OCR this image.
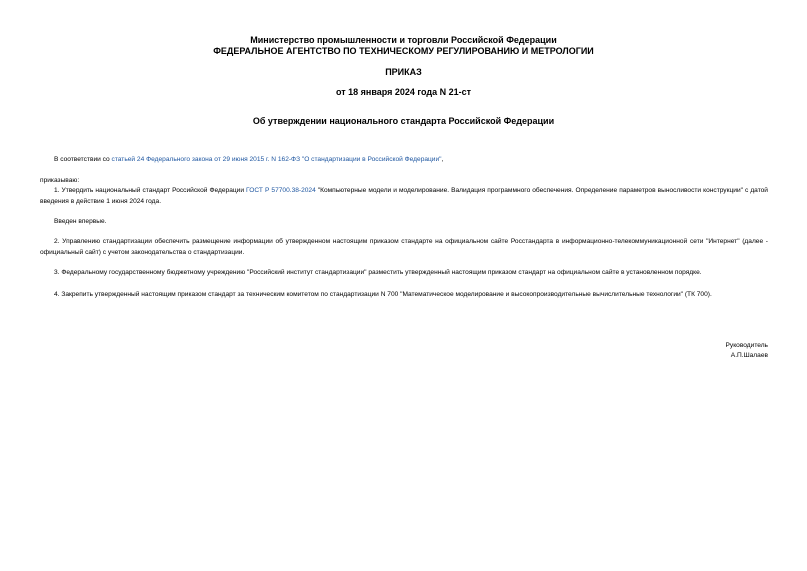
Министерство промышленности и торговли Российской Федерации
ФЕДЕРАЛЬНОЕ АГЕНТСТВО ПО ТЕХНИЧЕСКОМУ РЕГУЛИРОВАНИЮ И МЕТРОЛОГИИ
ПРИКАЗ
от 18 января 2024 года N 21-ст
Об утверждении национального стандарта Российской Федерации
В соответствии со статьей 24 Федерального закона от 29 июня 2015 г. N 162-ФЗ "О стандартизации в Российской Федерации",
приказываю:
1. Утвердить национальный стандарт Российской Федерации ГОСТ Р 57700.38-2024 "Компьютерные модели и моделирование. Валидация программного обеспечения. Определение параметров выносливости конструкции" с датой введения в действие 1 июня 2024 года.
Введен впервые.
2. Управлению стандартизации обеспечить размещение информации об утвержденном настоящим приказом стандарте на официальном сайте Росстандарта в информационно-телекоммуникационной сети "Интернет" (далее - официальный сайт) с учетом законодательства о стандартизации.
3. Федеральному государственному бюджетному учреждению "Российский институт стандартизации" разместить утвержденный настоящим приказом стандарт на официальном сайте в установленном порядке.
4. Закрепить утвержденный настоящим приказом стандарт за техническим комитетом по стандартизации N 700 "Математическое моделирование и высокопроизводительные вычислительные технологии" (ТК 700).
Руководитель
А.П.Шалаев
